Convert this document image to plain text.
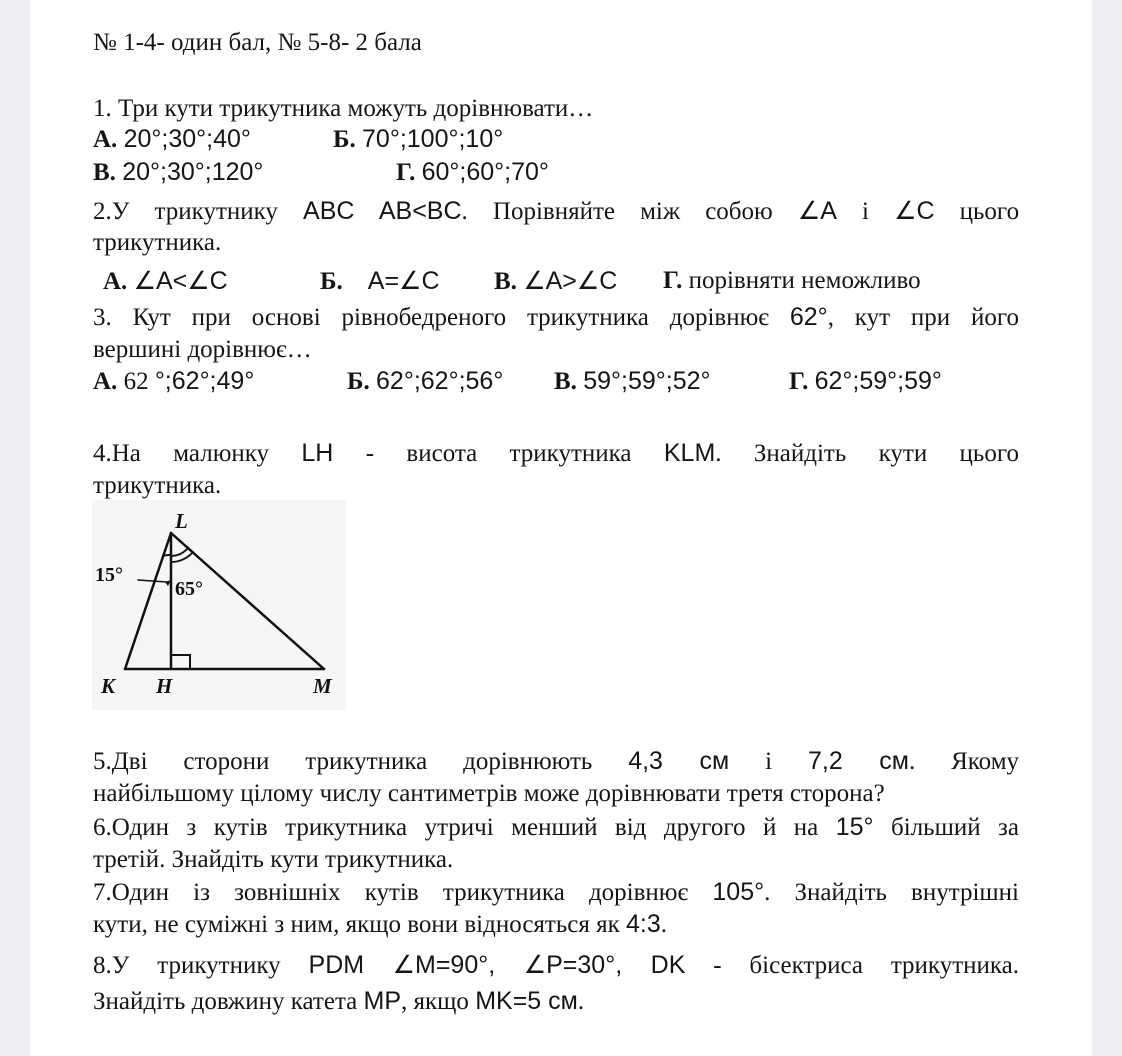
№ 1-4- один бал, № 5-8- 2 бала
1. Три кути трикутника можуть дорівнювати…
А. 20°;30°;40°	Б. 70°;100°;10°
В. 20°;30°;120°	Г. 60°;60°;70°
2.У трикутнику ABC AB<BC. Порівняйте між собою ∠A і ∠C цього
трикутника.
А. ∠A<∠C	Б. A=∠C В. ∠A>∠C Г. порівняти неможливо
3. Кут при основі рівнобедреного трикутника дорівнює 62°, кут при його
вершині дорівнює…
А. 62 °;62°;49°	Б. 62°;62°;56° В. 59°;59°;52°	Г. 62°;59°;59°
4.На малюнку LH - висота трикутника KLM. Знайдіть кути цього
трикутника.
L
K H	M
15°
65°
5.Дві сторони трикутника дорівнюють 4,3 см і 7,2 см. Якому
найбільшому цілому числу сантиметрів може дорівнювати третя сторона?
6.Один з кутів трикутника утричі менший від другого й на 15° більший за
третій. Знайдіть кути трикутника.
7.Один із зовнішніх кутів трикутника дорівнює 105°. Знайдіть внутрішні
кути, не суміжні з ним, якщо вони відносяться як 4:3.
8.У трикутнику PDM ∠M=90°, ∠P=30°, DK - бісектриса трикутника.
Знайдіть довжину катета MP, якщо MK=5 см.
